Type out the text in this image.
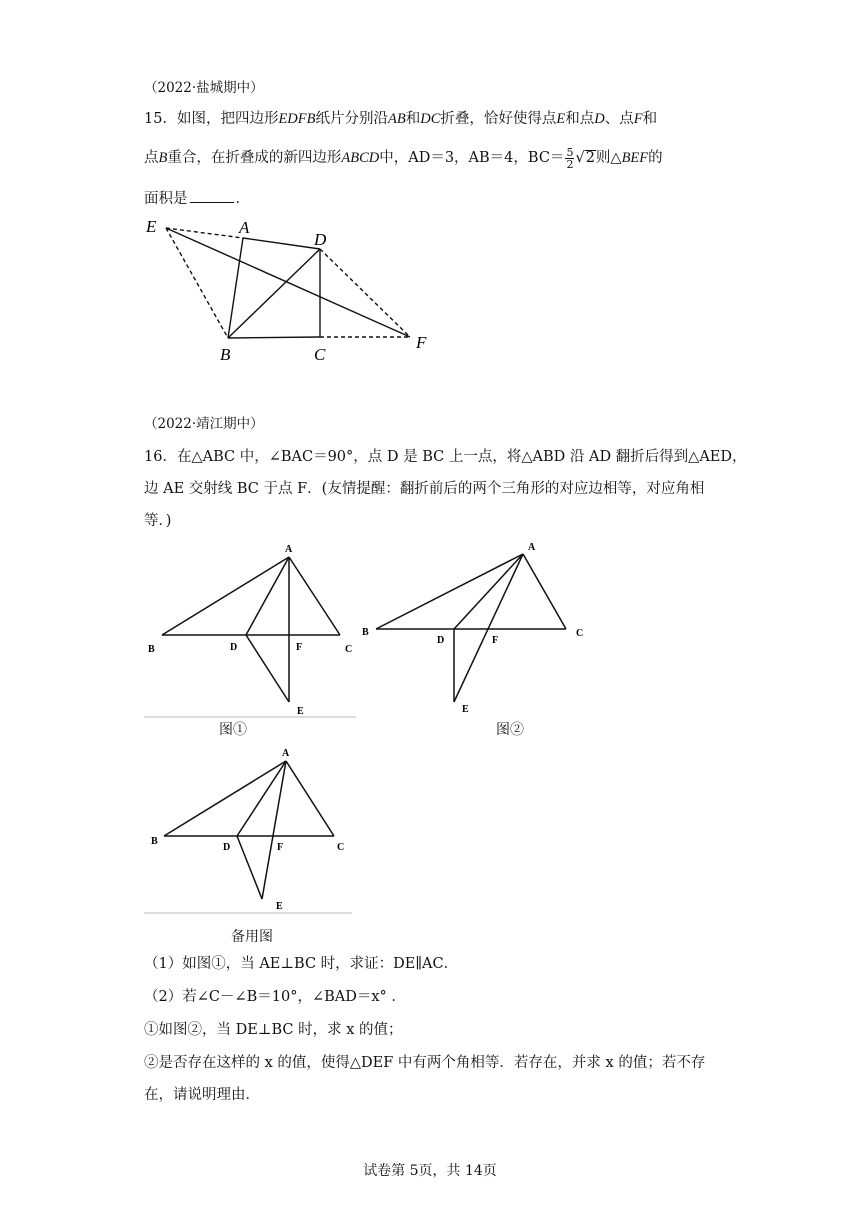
（2022·盐城期中）
15．如图，把四边形EDFB纸片分别沿AB和DC折叠，恰好使得点E和点D、点F和
点B重合，在折叠成的新四边形ABCD中，AD＝3，AB＝4，$BC= \frac{5}{2} √2$则△BEF的
面积是	．
E	A
D
B	C
F
（2022·靖江期中）
16．在△ABC 中，∠BAC＝90°，点 D 是 BC 上一点，将△ABD 沿 AD 翻折后得到△AED，
边 AE 交射线 BC 于点 F．(友情提醒：翻折前后的两个三角形的对应边相等，对应角相
等．)
A
B	D	F	C
E
图①
A
B
D	F
C
E
图②
A
B
D	F	C
E
备用图
（1）如图①，当 AE⊥BC 时，求证：DE∥AC．
（2）若∠C－∠B＝10°，∠BAD＝x° ．
①如图②，当 DE⊥BC 时，求 x 的值；
②是否存在这样的 x 的值，使得△DEF 中有两个角相等．若存在，并求 x 的值；若不存
在，请说明理由．
试卷第 5页，共 14页
